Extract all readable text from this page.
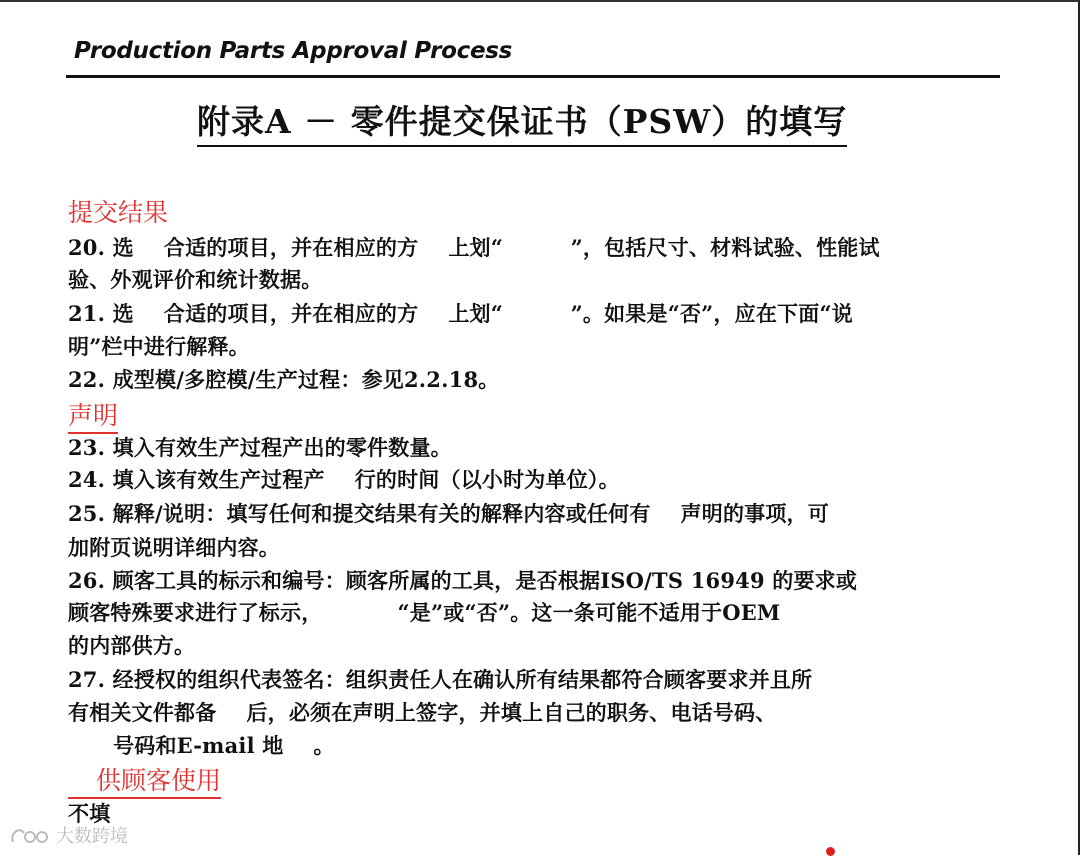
Production Parts Approval Process
附录A － 零件提交保证书（PSW）的填写
提交结果
20. 选    合适的项目，并在相应的方    上划“         ”，包括尺寸、材料试验、性能试
验、外观评价和统计数据。
21. 选    合适的项目，并在相应的方    上划“         ”。如果是“否”，应在下面“说
明”栏中进行解释。
22. 成型模/多腔模/生产过程：参见2.2.18。
声明
23. 填入有效生产过程产出的零件数量。
24. 填入该有效生产过程产    行的时间（以小时为单位）。
25. 解释/说明：填写任何和提交结果有关的解释内容或任何有    声明的事项，可
加附页说明详细内容。
26. 顾客工具的标示和编号：顾客所属的工具，是否根据ISO/TS 16949 的要求或
顾客特殊要求进行了标示，          “是”或“否”。这一条可能不适用于OEM
的内部供方。
27. 经授权的组织代表签名：组织责任人在确认所有结果都符合顾客要求并且所
有相关文件都备    后，必须在声明上签字，并填上自己的职务、电话号码、
号码和E-mail 地    。
供顾客使用
不填
大数跨境
